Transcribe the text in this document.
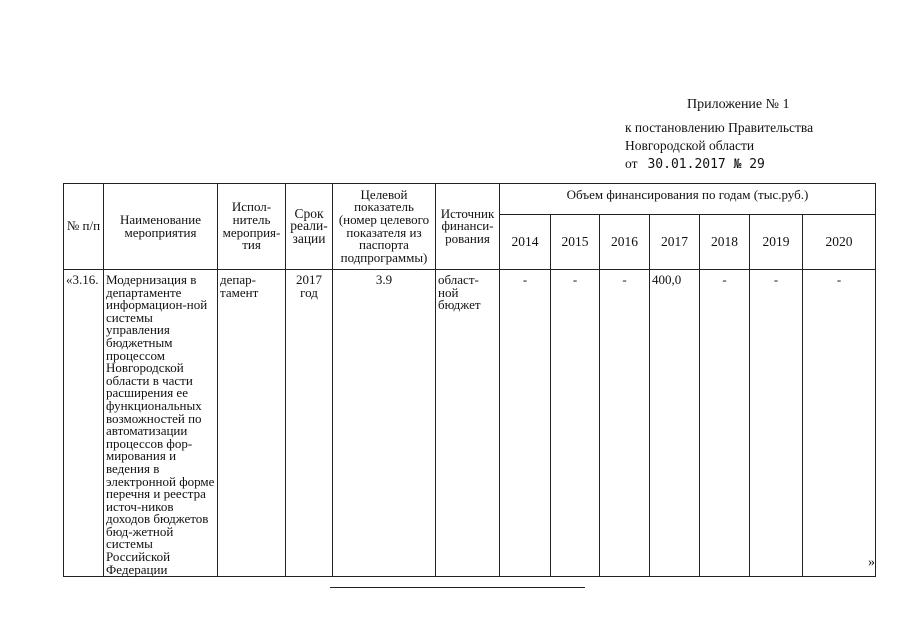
Приложение № 1
к постановлению Правительства
Новгородской области
от 30.01.2017 № 29
№ п/п	Наименование мероприятия	Испол-нитель мероприя-тия	Срок реали-зации	Целевой показатель (номер целевого показателя из паспорта подпрограммы)	Источник финанси-рования	Объем финансирования по годам (тыс.руб.)						
						2014	2015	2016	2017	2018	2019	2020
«3.16.	Модернизация в департаменте информацион-ной системы управления бюджетным процессом Новгородской области в части расширения ее функциональных возможностей по автоматизации процессов фор-мирования и ведения в электронной форме перечня и реестра источ-ников доходов бюджетов бюд-жетной системы Российской Федерации	депар-тамент	2017 год	3.9	област-ной бюджет	-	-	-	400,0	-	-	-
»
